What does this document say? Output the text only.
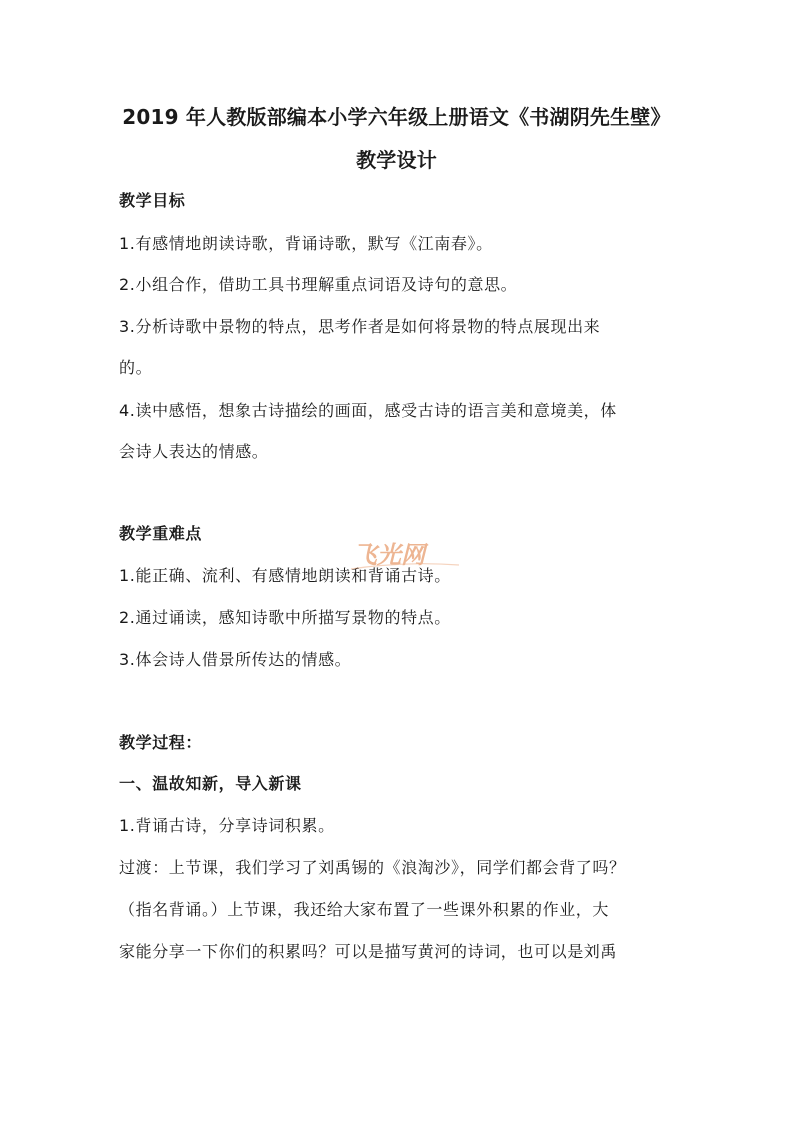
2019 年人教版部编本小学六年级上册语文《书湖阴先生壁》
教学设计
教学目标
1.有感情地朗读诗歌，背诵诗歌，默写《江南春》。
2.小组合作，借助工具书理解重点词语及诗句的意思。
3.分析诗歌中景物的特点，思考作者是如何将景物的特点展现出来
的。
4.读中感悟，想象古诗描绘的画面，感受古诗的语言美和意境美，体
会诗人表达的情感。
教学重难点
1.能正确、流利、有感情地朗读和背诵古诗。
2.通过诵读，感知诗歌中所描写景物的特点。
3.体会诗人借景所传达的情感。
教学过程：
一、温故知新，导入新课
1.背诵古诗，分享诗词积累。
过渡：上节课，我们学习了刘禹锡的《浪淘沙》，同学们都会背了吗？
（指名背诵。）上节课，我还给大家布置了一些课外积累的作业，大
家能分享一下你们的积累吗？可以是描写黄河的诗词，也可以是刘禹
飞光网
